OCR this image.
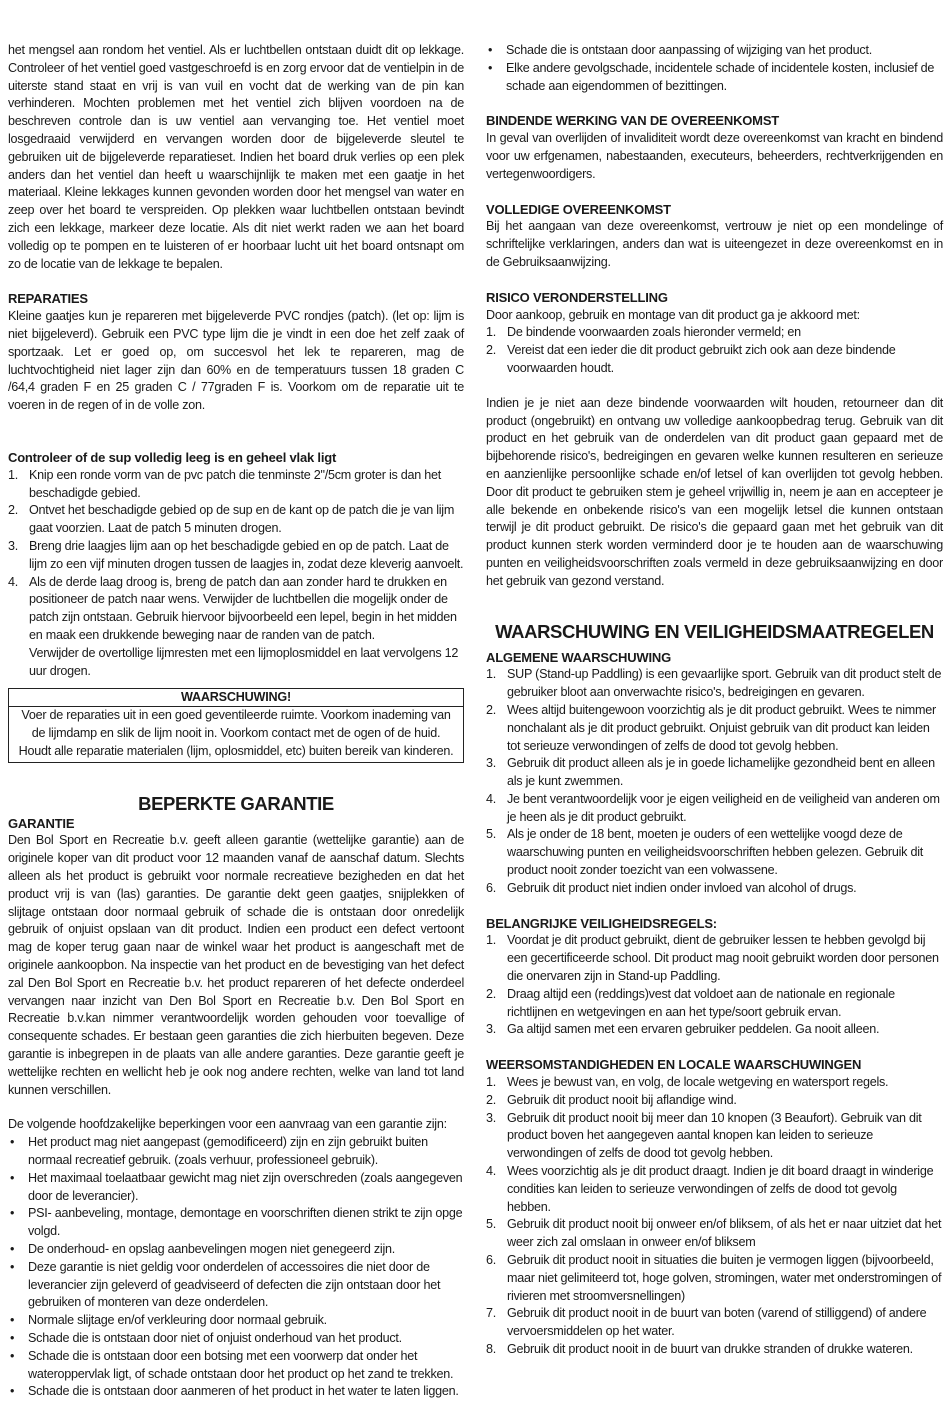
het mengsel aan rondom het ventiel. Als er luchtbellen ontstaan duidt dit op lekkage. Controleer of het ventiel goed vastgeschroefd is en zorg ervoor dat de ventielpin in de uiterste stand staat en vrij is van vuil en vocht dat de werking van de pin kan verhinderen. Mochten problemen met het ventiel zich blijven voordoen na de beschreven controle dan is uw ventiel aan vervanging toe. Het ventiel moet losgedraaid verwijderd en vervangen worden door de bijgeleverde sleutel te gebruiken uit de bijgeleverde reparatieset. Indien het board druk verlies op een plek anders dan het ventiel dan heeft u waarschijnlijk te maken met een gaatje in het materiaal. Kleine lekkages kunnen gevonden worden door het mengsel van water en zeep over het board te verspreiden. Op plekken waar luchtbellen ontstaan bevindt zich een lekkage, markeer deze locatie. Als dit niet werkt raden we aan het board volledig op te pompen en te luisteren of er hoorbaar lucht uit het board ontsnapt om zo de locatie van de lekkage te bepalen.

REPARATIES

Kleine gaatjes kun je repareren met bijgeleverde PVC rondjes (patch). (let op: lijm is niet bijgeleverd). Gebruik een PVC type lijm die je vindt in een doe het zelf zaak of sportzaak. Let er goed op, om succesvol het lek te repareren, mag de luchtvochtigheid niet lager zijn dan 60% en de temperatuurs tussen 18 graden C /64,4 graden F en 25 graden C / 77graden F is. Voorkom om de reparatie uit te voeren in de regen of in de volle zon.

Controleer of de sup volledig leeg is en geheel vlak ligt
1. Knip een ronde vorm van de pvc patch die tenminste 2"/5cm groter is dan het beschadigde gebied.
2. Ontvet het beschadigde gebied op de sup en de kant op de patch die je van lijm gaat voorzien. Laat de patch 5 minuten drogen.
3. Breng drie laagjes lijm aan op het beschadigde gebied en op de patch. Laat de lijm zo een vijf minuten drogen tussen de laagjes in, zodat deze kleverig aanvoelt.
4. Als de derde laag droog is, breng de patch dan aan zonder hard te drukken en positioneer de patch naar wens. Verwijder de luchtbellen die mogelijk onder de patch zijn ontstaan. Gebruik hiervoor bijvoorbeeld een lepel, begin in het midden en maak een drukkende beweging naar de randen van de patch.
Verwijder de overtollige lijmresten met een lijmoplosmiddel en laat vervolgens 12 uur drogen.
WAARSCHUWING!

Voer de reparaties uit in een goed geventileerde ruimte. Voorkom inademing van de lijmdamp en slik de lijm nooit in. Voorkom contact met de ogen of de huid. Houdt alle reparatie materialen (lijm, oplosmiddel, etc) buiten bereik van kinderen.

BEPERKTE GARANTIE
GARANTIE

Den Bol Sport en Recreatie b.v. geeft alleen garantie (wettelijke garantie) aan de originele koper van dit product voor 12 maanden vanaf de aanschaf datum. Slechts alleen als het product is gebruikt voor normale recreatieve bezigheden en dat het product vrij is van (las) garanties. De garantie dekt geen gaatjes, snijplekken of slijtage ontstaan door normaal gebruik of schade die is ontstaan door onredelijk gebruik of onjuist opslaan van dit product. Indien een product een defect vertoont mag de koper terug gaan naar de winkel waar het product is aangeschaft met de originele aankoopbon. Na inspectie van het product en de bevestiging van het defect zal Den Bol Sport en Recreatie b.v. het product repareren of het defecte onderdeel vervangen naar inzicht van Den Bol Sport en Recreatie b.v. Den Bol Sport en Recreatie b.v.kan nimmer verantwoordelijk worden gehouden voor toevallige of consequente schades. Er bestaan geen garanties die zich hierbuiten begeven. Deze garantie is inbegrepen in de plaats van alle andere garanties. Deze garantie geeft je wettelijke rechten en wellicht heb je ook nog andere rechten, welke van land tot land kunnen verschillen.

De volgende hoofdzakelijke beperkingen voor een aanvraag van een garantie zijn:

• Het product mag niet aangepast (gemodificeerd) zijn en zijn gebruikt buiten normaal recreatief gebruik. (zoals verhuur, professioneel gebruik).
• Het maximaal toelaatbaar gewicht mag niet zijn overschreden (zoals aangegeven door de leverancier).
• PSI- aanbeveling, montage, demontage en voorschriften dienen strikt te zijn opge volgd.
• De onderhoud- en opslag aanbevelingen mogen niet genegeerd zijn.
• Deze garantie is niet geldig voor onderdelen of accessoires die niet door de leverancier zijn geleverd of geadviseerd of defecten die zijn ontstaan door het gebruiken of monteren van deze onderdelen.
• Normale slijtage en/of verkleuring door normaal gebruik.
• Schade die is ontstaan door niet of onjuist onderhoud van het product.
• Schade die is ontstaan door een botsing met een voorwerp dat onder het wateroppervlak ligt, of schade ontstaan door het product op het zand te trekken.
• Schade die is ontstaan door aanmeren of het product in het water te laten liggen.
• Schade die is ontstaan door aanpassing of wijziging van het product.
• Elke andere gevolgschade, incidentele schade of incidentele kosten, inclusief de schade aan eigendommen of bezittingen.
BINDENDE WERKING VAN DE OVEREENKOMST

In geval van overlijden of invaliditeit wordt deze overeenkomst van kracht en bindend voor uw erfgenamen, nabestaanden, executeurs, beheerders, rechtverkrijgenden en vertegenwoordigers.

VOLLEDIGE OVEREENKOMST

Bij het aangaan van deze overeenkomst, vertrouw je niet op een mondelinge of schriftelijke verklaringen, anders dan wat is uiteengezet in deze overeenkomst en in de Gebruiksaanwijzing.

RISICO VERONDERSTELLING

Door aankoop, gebruik en montage van dit product ga je akkoord met:

1. De bindende voorwaarden zoals hieronder vermeld; en
2. Vereist dat een ieder die dit product gebruikt zich ook aan deze bindende voorwaarden houdt.

Indien je je niet aan deze bindende voorwaarden wilt houden, retourneer dan dit product (ongebruikt) en ontvang uw volledige aankoopbedrag terug. Gebruik van dit product en het gebruik van de onderdelen van dit product gaan gepaard met de bijbehorende risico's, bedreigingen en gevaren welke kunnen resulteren en serieuze en aanzienlijke persoonlijke schade en/of letsel of kan overlijden tot gevolg hebben. Door dit product te gebruiken stem je geheel vrijwillig in, neem je aan en accepteer je alle bekende en onbekende risico's van een mogelijk letsel die kunnen ontstaan terwijl je dit product gebruikt. De risico's die gepaard gaan met het gebruik van dit product kunnen sterk worden verminderd door je te houden aan de waarschuwing punten en veiligheidsvoorschriften zoals vermeld in deze gebruiksaanwijzing en door het gebruik van gezond verstand.

WAARSCHUWING EN VEILIGHEIDSMAATREGELEN
ALGEMENE WAARSCHUWING
1. SUP (Stand-up Paddling) is een gevaarlijke sport. Gebruik van dit product stelt de gebruiker bloot aan onverwachte risico's, bedreigingen en gevaren.
2. Wees altijd buitengewoon voorzichtig als je dit product gebruikt. Wees te nimmer nonchalant als je dit product gebruikt. Onjuist gebruik van dit product kan leiden tot serieuze verwondingen of zelfs de dood tot gevolg hebben.
3. Gebruik dit product alleen als je in goede lichamelijke gezondheid bent en alleen als je kunt zwemmen.
4. Je bent verantwoordelijk voor je eigen veiligheid en de veiligheid van anderen om je heen als je dit product gebruikt.
5. Als je onder de 18 bent, moeten je ouders of een wettelijke voogd deze de waarschuwing punten en veiligheidsvoorschriften hebben gelezen. Gebruik dit product nooit zonder toezicht van een volwassene.
6. Gebruik dit product niet indien onder invloed van alcohol of drugs.
BELANGRIJKE VEILIGHEIDSREGELS:
1. Voordat je dit product gebruikt, dient de gebruiker lessen te hebben gevolgd bij een gecertificeerde school. Dit product mag nooit gebruikt worden door personen die onervaren zijn in Stand-up Paddling.
2. Draag altijd een (reddings)vest dat voldoet aan de nationale en regionale richtlijnen en wetgevingen en aan het type/soort gebruik ervan.
3. Ga altijd samen met een ervaren gebruiker peddelen. Ga nooit alleen.
WEERSOMSTANDIGHEDEN EN LOCALE WAARSCHUWINGEN
1. Wees je bewust van, en volg, de locale wetgeving en watersport regels.
2. Gebruik dit product nooit bij aflandige wind.
3. Gebruik dit product nooit bij meer dan 10 knopen (3 Beaufort). Gebruik van dit product boven het aangegeven aantal knopen kan leiden to serieuze verwondingen of zelfs de dood tot gevolg hebben.
4. Wees voorzichtig als je dit product draagt. Indien je dit board draagt in winderige condities kan leiden to serieuze verwondingen of zelfs de dood tot gevolg hebben.
5. Gebruik dit product nooit bij onweer en/of bliksem, of als het er naar uitziet dat het weer zich zal omslaan in onweer en/of bliksem
6. Gebruik dit product nooit in situaties die buiten je vermogen liggen (bijvoorbeeld, maar niet gelimiteerd tot, hoge golven, stromingen, water met onderstromingen of rivieren met stroomversnellingen)
7. Gebruik dit product nooit in de buurt van boten (varend of stilliggend) of andere vervoersmiddelen op het water.
8. Gebruik dit product nooit in de buurt van drukke stranden of drukke wateren.
